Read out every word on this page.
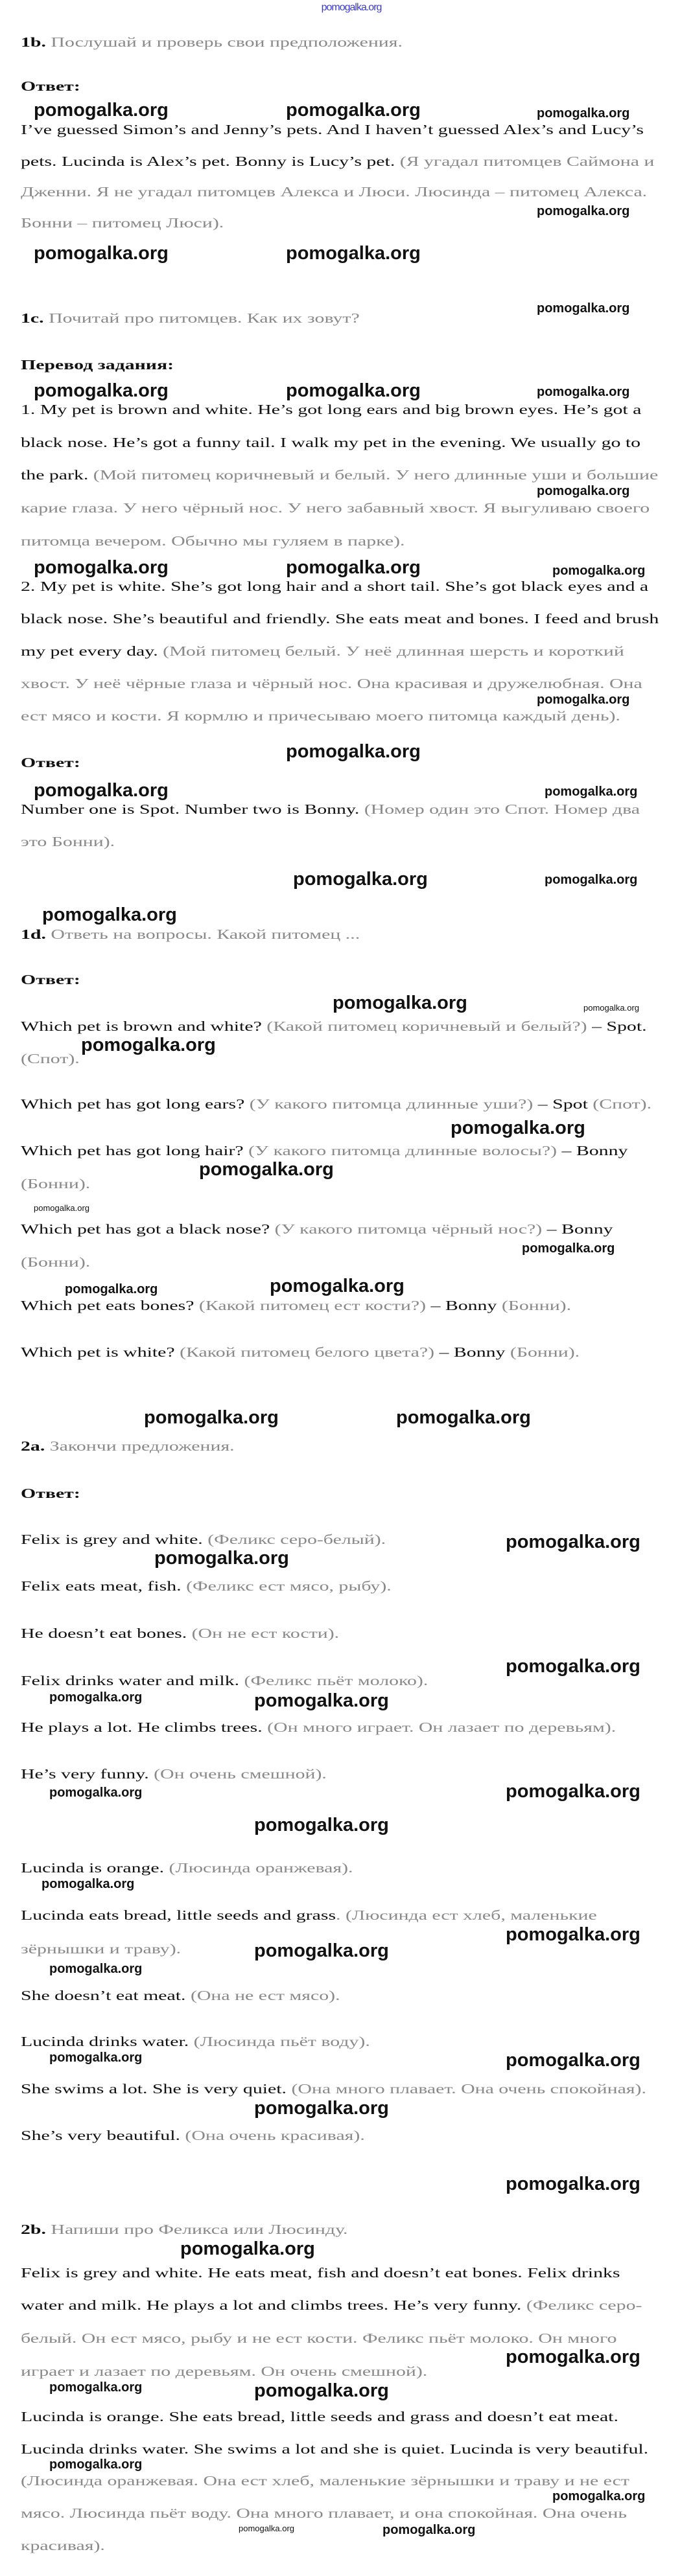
pomogalka.org
1b. Послушай и проверь свои предположения.
Ответ:
I’ve guessed Simon’s and Jenny’s pets. And I haven’t guessed Alex’s and Lucy’s
pets. Lucinda is Alex’s pet. Bonny is Lucy’s pet. (Я угадал питомцев Саймона и
Дженни. Я не угадал питомцев Алекса и Люси. Люсинда – питомец Алекса.
Бонни – питомец Люси).
1c. Почитай про питомцев. Как их зовут?
Перевод задания:
1. My pet is brown and white. He’s got long ears and big brown eyes. He’s got a
black nose. He’s got a funny tail. I walk my pet in the evening. We usually go to
the park. (Мой питомец коричневый и белый. У него длинные уши и большие
карие глаза. У него чёрный нос. У него забавный хвост. Я выгуливаю своего
питомца вечером. Обычно мы гуляем в парке).
2. My pet is white. She’s got long hair and a short tail. She’s got black eyes and a
black nose. She’s beautiful and friendly. She eats meat and bones. I feed and brush
my pet every day. (Мой питомец белый. У неё длинная шерсть и короткий
хвост. У неё чёрные глаза и чёрный нос. Она красивая и дружелюбная. Она
ест мясо и кости. Я кормлю и причесываю моего питомца каждый день).
Ответ:
Number one is Spot. Number two is Bonny. (Номер один это Спот. Номер два
это Бонни).
1d. Ответь на вопросы. Какой питомец ...
Ответ:
Which pet is brown and white? (Какой питомец коричневый и белый?) – Spot.
(Спот).
Which pet has got long ears? (У какого питомца длинные уши?) – Spot (Спот).
Which pet has got long hair? (У какого питомца длинные волосы?) – Bonny
(Бонни).
Which pet has got a black nose? (У какого питомца чёрный нос?) – Bonny
(Бонни).
Which pet eats bones? (Какой питомец ест кости?) – Bonny (Бонни).
Which pet is white? (Какой питомец белого цвета?) – Bonny (Бонни).
2a. Закончи предложения.
Ответ:
Felix is grey and white. (Феликс серо-белый).
Felix eats meat, fish. (Феликс ест мясо, рыбу).
He doesn’t eat bones. (Он не ест кости).
Felix drinks water and milk. (Феликс пьёт молоко).
He plays a lot. He climbs trees. (Он много играет. Он лазает по деревьям).
He’s very funny. (Он очень смешной).
Lucinda is orange. (Люсинда оранжевая).
Lucinda eats bread, little seeds and grass. (Люсинда ест хлеб, маленькие
зёрнышки и траву).
She doesn’t eat meat. (Она не ест мясо).
Lucinda drinks water. (Люсинда пьёт воду).
She swims a lot. She is very quiet. (Она много плавает. Она очень спокойная).
She’s very beautiful. (Она очень красивая).
2b. Напиши про Феликса или Люсинду.
Felix is grey and white. He eats meat, fish and doesn’t eat bones. Felix drinks
water and milk. He plays a lot and climbs trees. He’s very funny. (Феликс серо-
белый. Он ест мясо, рыбу и не ест кости. Феликс пьёт молоко. Он много
играет и лазает по деревьям. Он очень смешной).
Lucinda is orange. She eats bread, little seeds and grass and doesn’t eat meat.
Lucinda drinks water. She swims a lot and she is quiet. Lucinda is very beautiful.
(Люсинда оранжевая. Она ест хлеб, маленькие зёрнышки и траву и не ест
мясо. Люсинда пьёт воду. Она много плавает, и она спокойная. Она очень
красивая).
pomogalka.org	pomogalka.org	pomogalka.org
pomogalka.org
pomogalka.org	pomogalka.org
pomogalka.org
pomogalka.org	pomogalka.org	pomogalka.org
pomogalka.org
pomogalka.org	pomogalka.org	pomogalka.org
pomogalka.org
pomogalka.org
pomogalka.org	pomogalka.org
pomogalka.org	pomogalka.org
pomogalka.org
pomogalka.org	pomogalka.org
pomogalka.org
pomogalka.org
pomogalka.org
pomogalka.org
pomogalka.org
pomogalka.org	pomogalka.org
pomogalka.org	pomogalka.org
pomogalka.org
pomogalka.org
pomogalka.org
pomogalka.org	pomogalka.org
pomogalka.org	pomogalka.org
pomogalka.org
pomogalka.org
pomogalka.org
pomogalka.org
pomogalka.org
pomogalka.org
pomogalka.org
pomogalka.org
pomogalka.org
pomogalka.org
pomogalka.org
pomogalka.org	pomogalka.org
pomogalka.org
pomogalka.org
pomogalka.org	pomogalka.org
